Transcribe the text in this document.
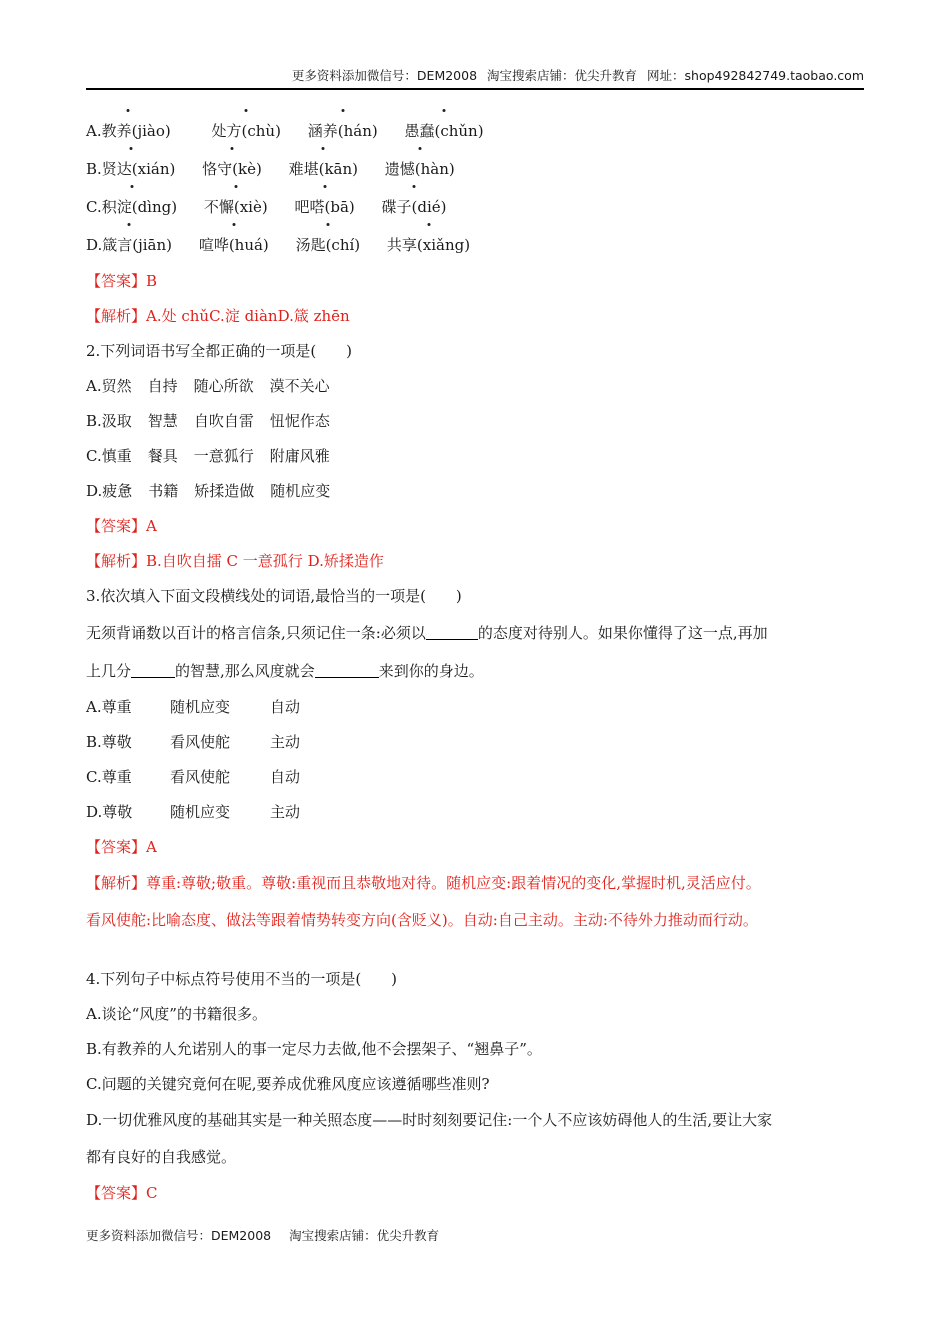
更多资料添加微信号：DEM2008 淘宝搜索店铺：优尖升教育 网址：shop492842749.taobao.com
A.教养(jiào)	处方(chù) 涵养(hán) 愚蠢(chǔn)
B.贤达(xián) 恪守(kè) 难堪(kān) 遗憾(hàn)
C.积淀(dìng) 不懈(xiè) 吧嗒(bā) 碟子(dié)
D.箴言(jiān) 喧哗(huá) 汤匙(chí) 共享(xiǎng)
【答案】B
【解析】A.处 chǔC.淀 diànD.箴 zhēn
2.下列词语书写全都正确的一项是(　　)
A.贸然 自持 随心所欲 漠不关心
B.汲取 智慧 自吹自雷 忸怩作态
C.慎重 餐具 一意狐行 附庸风雅
D.疲惫 书籍 矫揉造做 随机应变
【答案】A
【解析】B.自吹自擂 C 一意孤行 D.矫揉造作
3.依次填入下面文段横线处的词语,最恰当的一项是(　　)
无须背诵数以百计的格言信条,只须记住一条:必须以	的态度对待别人。如果你懂得了这一点,再加
上几分	的智慧,那么风度就会	来到你的身边。
A.尊重	随机应变	自动
B.尊敬	看风使舵	主动
C.尊重	看风使舵	自动
D.尊敬	随机应变	主动
【答案】A
【解析】尊重:尊敬;敬重。尊敬:重视而且恭敬地对待。随机应变:跟着情况的变化,掌握时机,灵活应付。
看风使舵:比喻态度、做法等跟着情势转变方向(含贬义)。自动:自己主动。主动:不待外力推动而行动。
4.下列句子中标点符号使用不当的一项是(　　)
A.谈论“风度”的书籍很多。
B.有教养的人允诺别人的事一定尽力去做,他不会摆架子、“翘鼻子”。
C.问题的关键究竟何在呢,要养成优雅风度应该遵循哪些准则?
D.一切优雅风度的基础其实是一种关照态度——时时刻刻要记住:一个人不应该妨碍他人的生活,要让大家
都有良好的自我感觉。
【答案】C
更多资料添加微信号：DEM2008 淘宝搜索店铺：优尖升教育
